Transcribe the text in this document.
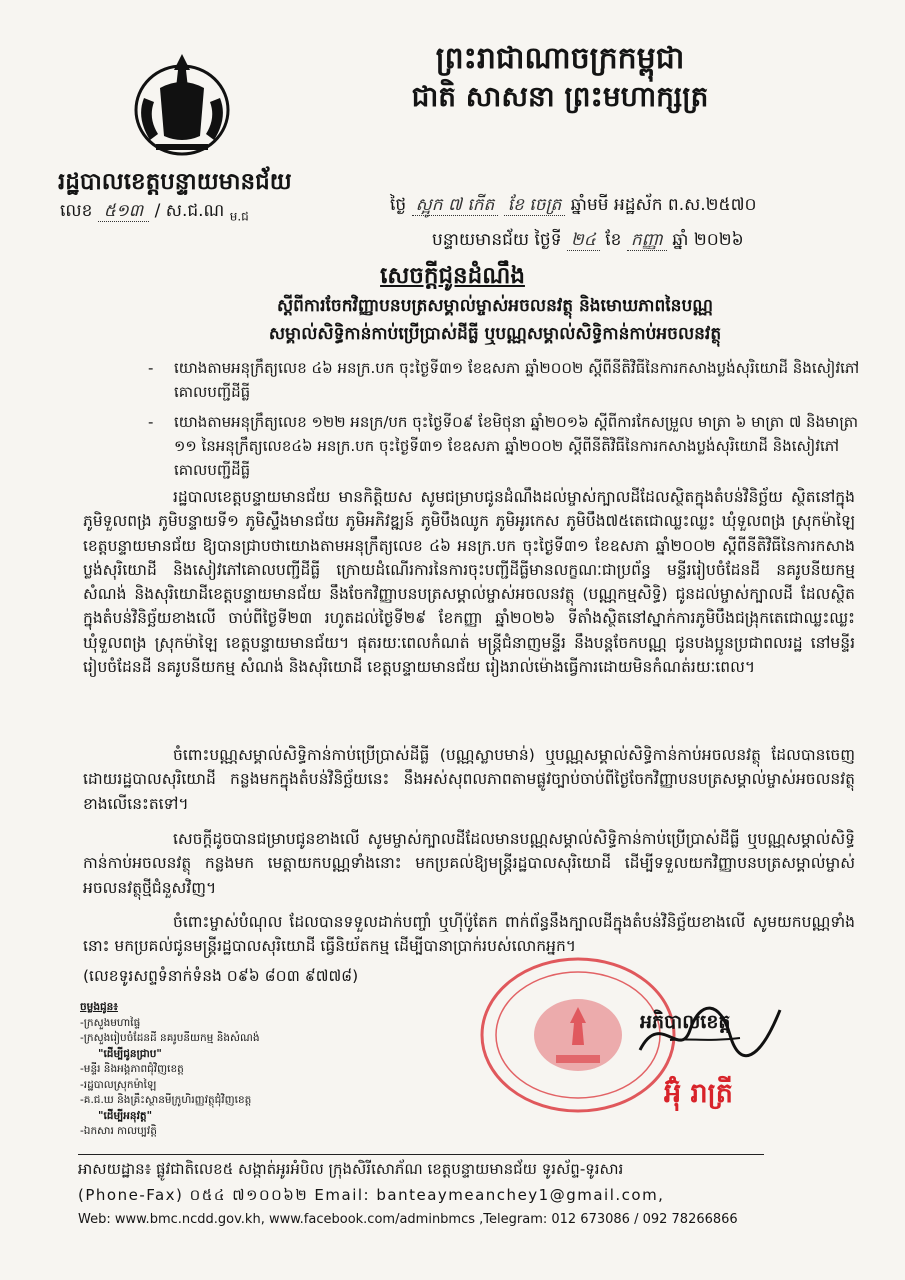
ព្រះរាជាណាចក្រកម្ពុជា
ជាតិ សាសនា ព្រះមហាក្សត្រ
រដ្ឋបាលខេត្តបន្ទាយមានជ័យ
លេខ ៥១៣ / ស.ជ.ណ $_{ម.ជ}$
ថ្ងៃ ស្អូក ៧ កើត ខែ ចេត្រ ឆ្នាំមមី អដ្ឋស័ក ព.ស.២៥៧០
បន្ទាយមានជ័យ ថ្ងៃទី ២៤ ខែ កញ្ញា ឆ្នាំ ២០២៦
សេចក្តីជូនដំណឹង
ស្តីពីការចែកវិញ្ញាបនបត្រសម្គាល់ម្ចាស់អចលនវត្ថុ និងមោឃភាពនៃបណ្ណ
សម្គាល់សិទ្ធិកាន់កាប់ប្រើប្រាស់ដីធ្លី ឬបណ្ណសម្គាល់សិទ្ធិកាន់កាប់អចលនវត្ថុ
- យោងតាមអនុក្រឹត្យលេខ ៤៦ អនក្រ.បក ចុះថ្ងៃទី៣១ ខែឧសភា ឆ្នាំ២០០២ ស្តីពីនីតិវិធីនៃការកសាងប្លង់សុរិយោដី និងសៀវភៅគោលបញ្ជីដីធ្លី
- យោងតាមអនុក្រឹត្យលេខ ១២២ អនក្រ/បក ចុះថ្ងៃទី០៩ ខែមិថុនា ឆ្នាំ២០១៦ ស្តីពីការកែសម្រួល មាត្រា ៦ មាត្រា ៧ និងមាត្រា ១១ នៃអនុក្រឹត្យលេខ៤៦ អនក្រ.បក ចុះថ្ងៃទី៣១ ខែឧសភា ឆ្នាំ២០០២ ស្តីពីនីតិវិធីនៃការកសាងប្លង់សុរិយោដី និងសៀវភៅគោលបញ្ជីដីធ្លី

រដ្ឋបាលខេត្តបន្ទាយមានជ័យ មានកិត្តិយស សូមជម្រាបជូនដំណឹងដល់ម្ចាស់ក្បាលដីដែលស្ថិតក្នុងតំបន់វិនិច្ឆ័យ ស្ថិតនៅក្នុងភូមិទួលពង្រ ភូមិបន្ទាយទី១ ភូមិស្ទឹងមានជ័យ ភូមិអភិវឌ្ឍន៍ ភូមិបឹងឈូក ភូមិអូរកេស ភូមិបឹង៧៥តេជោឈ្លះឈ្លះ ឃុំទួលពង្រ ស្រុកម៉ាឡៃ ខេត្តបន្ទាយមានជ័យ ឱ្យបានជ្រាបថាយោងតាមអនុក្រឹត្យលេខ ៤៦ អនក្រ.បក ចុះថ្ងៃទី៣១ ខែឧសភា ឆ្នាំ២០០២ ស្តីពីនីតិវិធីនៃការកសាងប្លង់សុរិយោដី និងសៀវភៅគោលបញ្ជីដីធ្លី ក្រោយដំណើរការនៃការចុះបញ្ជីដីធ្លីមានលក្ខណៈជាប្រព័ន្ធ មន្ទីររៀបចំដែនដី នគរូបនីយកម្ម សំណង់ និងសុរិយោដីខេត្តបន្ទាយមានជ័យ នឹងចែកវិញ្ញាបនបត្រសម្គាល់ម្ចាស់អចលនវត្ថុ (បណ្ណកម្មសិទ្ធិ) ជូនដល់ម្ចាស់ក្បាលដី ដែលស្ថិតក្នុងតំបន់វិនិច្ឆ័យខាងលើ ចាប់ពីថ្ងៃទី២៣ រហូតដល់ថ្ងៃទី២៩ ខែកញ្ញា ឆ្នាំ២០២៦ ទីតាំងស្ថិតនៅស្នាក់ការភូមិបឹងជង្រុកតេជោឈ្លះឈ្លះ ឃុំទួលពង្រ ស្រុកម៉ាឡៃ ខេត្តបន្ទាយមានជ័យ។ ផុតរយៈពេលកំណត់ មន្ត្រីជំនាញមន្ទីរ នឹងបន្តចែកបណ្ណ ជូនបងប្អូនប្រជាពលរដ្ឋ នៅមន្ទីររៀបចំដែនដី នគរូបនីយកម្ម សំណង់ និងសុរិយោដី ខេត្តបន្ទាយមានជ័យ រៀងរាល់ម៉ោងធ្វើការដោយមិនកំណត់រយៈពេល។

ចំពោះបណ្ណសម្គាល់សិទ្ធិកាន់កាប់ប្រើប្រាស់ដីធ្លី (បណ្ណស្លាបមាន់) ឬបណ្ណសម្គាល់សិទ្ធិកាន់កាប់អចលនវត្ថុ ដែលបានចេញដោយរដ្ឋបាលសុរិយោដី កន្លងមកក្នុងតំបន់វិនិច្ឆ័យនេះ នឹងអស់សុពលភាពតាមផ្លូវច្បាប់ចាប់ពីថ្ងៃចែកវិញ្ញាបនបត្រសម្គាល់ម្ចាស់អចលនវត្ថុ ខាងលើនេះតទៅ។

សេចក្តីដូចបានជម្រាបជូនខាងលើ សូមម្ចាស់ក្បាលដីដែលមានបណ្ណសម្គាល់សិទ្ធិកាន់កាប់ប្រើប្រាស់ដីធ្លី ឬបណ្ណសម្គាល់សិទ្ធិកាន់កាប់អចលនវត្ថុ កន្លងមក មេត្តាយកបណ្ណទាំងនោះ មកប្រគល់ឱ្យមន្ត្រីរដ្ឋបាលសុរិយោដី ដើម្បីទទួលយកវិញ្ញាបនបត្រសម្គាល់ម្ចាស់អចលនវត្ថុថ្មីជំនួសវិញ។

ចំពោះម្ចាស់បំណុល ដែលបានទទួលដាក់បញ្ចាំ ឬហ៊ីប៉ូតែក ពាក់ព័ន្ធនឹងក្បាលដីក្នុងតំបន់វិនិច្ឆ័យខាងលើ សូមយកបណ្ណទាំងនោះ មកប្រគល់ជូនមន្ត្រីរដ្ឋបាលសុរិយោដី ធ្វើនិយ័តកម្ម ដើម្បីបានាប្រាក់របស់លោកអ្នក។

(លេខទូរសព្ទទំនាក់ទំនង ០៩៦ ៨០៣ ៩៧៧៨)
ចម្លងជូន៖
-ក្រសួងមហាផ្ទៃ
-ក្រសួងរៀបចំដែនដី នគរូបនីយកម្ម និងសំណង់
"ដើម្បីជូនជ្រាប"
-មន្ទីរ និងអង្គភាពជុំវិញខេត្ត
-រដ្ឋបាលស្រុកម៉ាឡៃ
-គ.ជ.ឃ និងគ្រឹះស្ថានមីក្រូហិរញ្ញវត្ថុជុំវិញខេត្ត
"ដើម្បីអនុវត្ត"
-ឯកសារ កាលប្បវត្តិ
អភិបាលខេត្ត
អ៊ុំ រាត្រី
អាសយដ្ឋាន៖ ផ្លូវជាតិលេខ៥ សង្កាត់អូរអំបិល ក្រុងសិរីសោភ័ណ ខេត្តបន្ទាយមានជ័យ ទូរស័ព្ទ-ទូរសារ
(Phone-Fax) ០៥៤ ៧១០០៦២ Email: banteaymeanchey1@gmail.com,
Web: www.bmc.ncdd.gov.kh, www.facebook.com/adminbmcs ,Telegram: 012 673086 / 092 78266866
